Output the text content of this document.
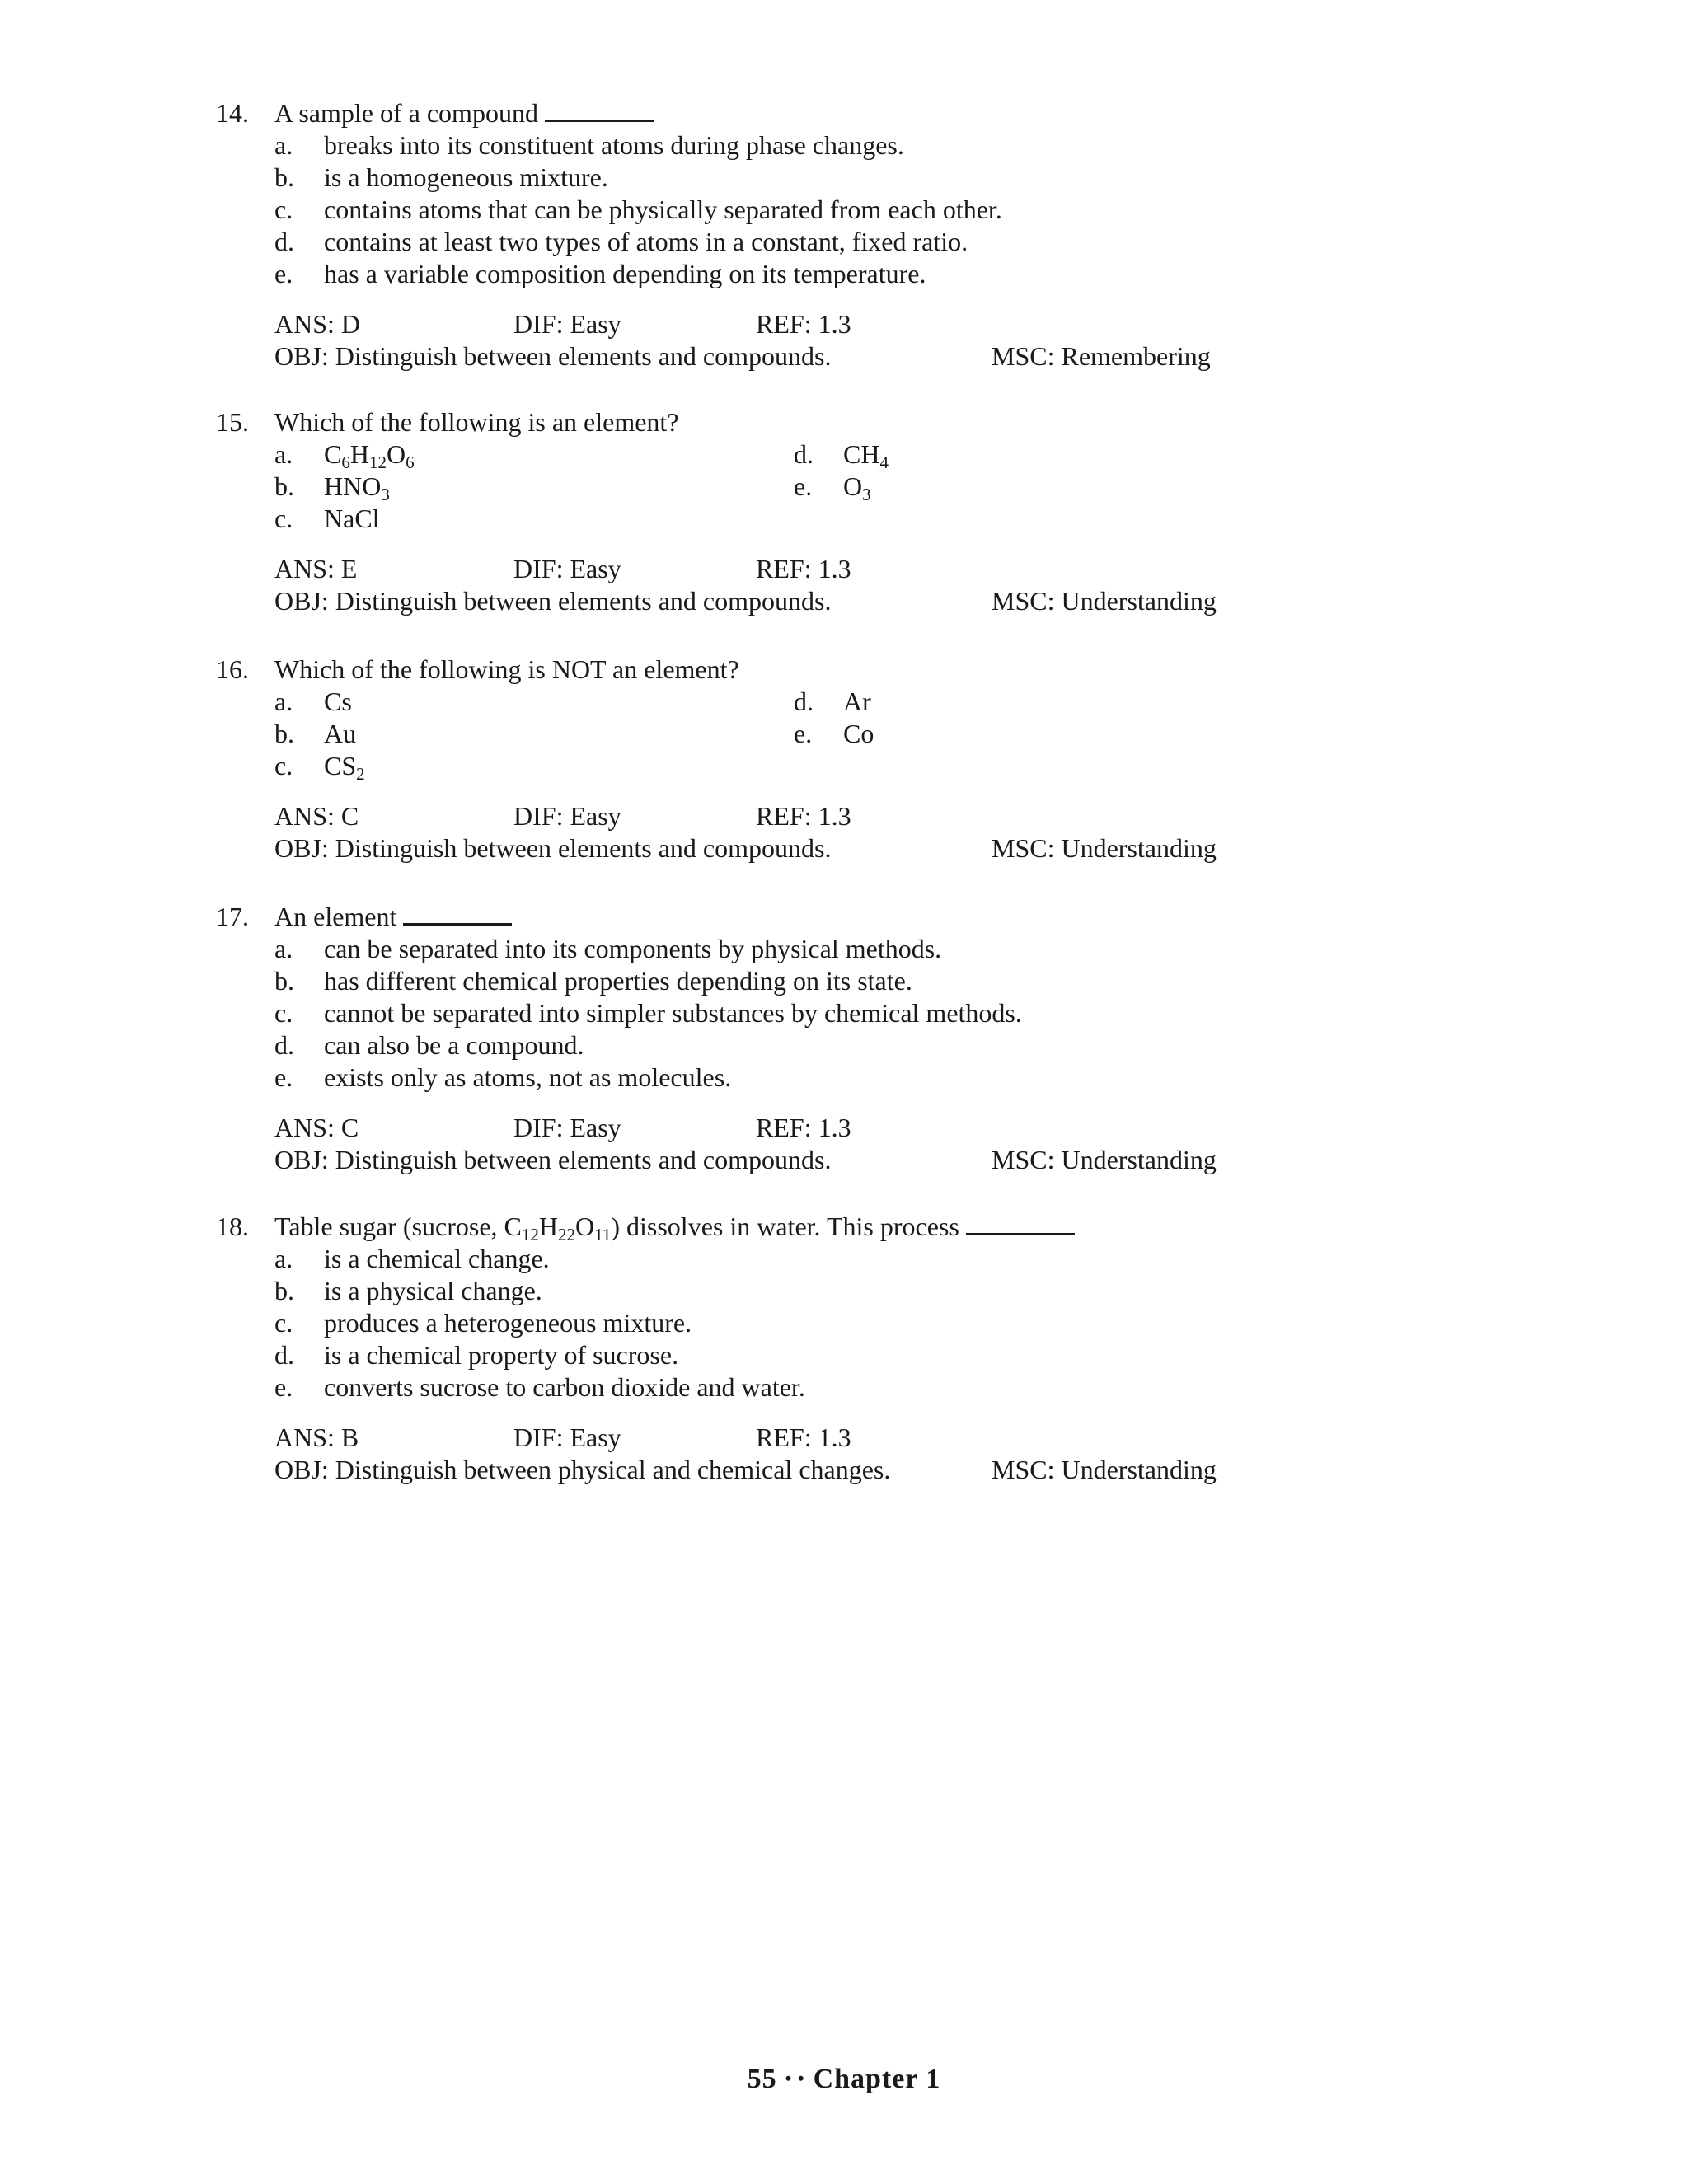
14. A sample of a compound
a. breaks into its constituent atoms during phase changes.
b. is a homogeneous mixture.
c. contains atoms that can be physically separated from each other.
d. contains at least two types of atoms in a constant, fixed ratio.
e. has a variable composition depending on its temperature.
ANS: D	DIF: Easy	REF: 1.3
OBJ: Distinguish between elements and compounds.	MSC: Remembering
15. Which of the following is an element?
a. $C_6H_{12}O_6$	d. $CH_4$
b. $HNO_3$	e. $O_3$
c. NaCl
ANS: E	DIF: Easy	REF: 1.3
OBJ: Distinguish between elements and compounds.	MSC: Understanding
16. Which of the following is NOT an element?
a. Cs	d. Ar
b. Au	e. Co
c. $CS_2$
ANS: C	DIF: Easy	REF: 1.3
OBJ: Distinguish between elements and compounds.	MSC: Understanding
17. An element
a. can be separated into its components by physical methods.
b. has different chemical properties depending on its state.
c. cannot be separated into simpler substances by chemical methods.
d. can also be a compound.
e. exists only as atoms, not as molecules.
ANS: C	DIF: Easy	REF: 1.3
OBJ: Distinguish between elements and compounds.	MSC: Understanding
18. Table sugar (sucrose, $C_{12}H_{22}O_{11}$) dissolves in water. This process
a. is a chemical change.
b. is a physical change.
c. produces a heterogeneous mixture.
d. is a chemical property of sucrose.
e. converts sucrose to carbon dioxide and water.
ANS: B	DIF: Easy	REF: 1.3
OBJ: Distinguish between physical and chemical changes.	MSC: Understanding
55 • • Chapter 1
